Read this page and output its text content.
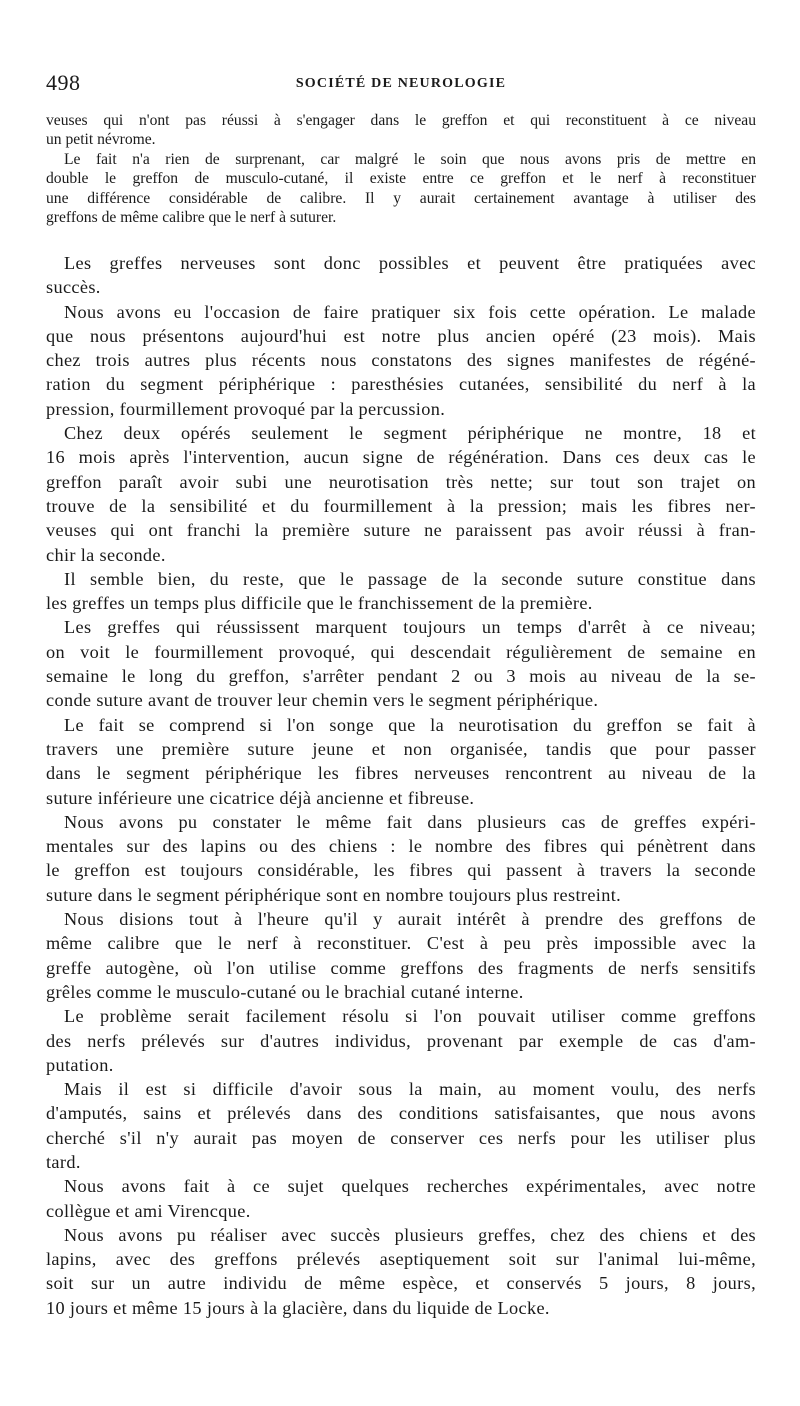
498	SOCIÉTÉ DE NEUROLOGIE
veuses qui n'ont pas réussi à s'engager dans le greffon et qui reconstituent à ce niveau
un petit névrome.
Le fait n'a rien de surprenant, car malgré le soin que nous avons pris de mettre en
double le greffon de musculo-cutané, il existe entre ce greffon et le nerf à reconstituer
une différence considérable de calibre. Il y aurait certainement avantage à utiliser des
greffons de même calibre que le nerf à suturer.
Les greffes nerveuses sont donc possibles et peuvent être pratiquées avec
succès.
Nous avons eu l'occasion de faire pratiquer six fois cette opération. Le malade
que nous présentons aujourd'hui est notre plus ancien opéré (23 mois). Mais
chez trois autres plus récents nous constatons des signes manifestes de régéné-
ration du segment périphérique : paresthésies cutanées, sensibilité du nerf à la
pression, fourmillement provoqué par la percussion.
Chez deux opérés seulement le segment périphérique ne montre, 18 et
16 mois après l'intervention, aucun signe de régénération. Dans ces deux cas le
greffon paraît avoir subi une neurotisation très nette; sur tout son trajet on
trouve de la sensibilité et du fourmillement à la pression; mais les fibres ner-
veuses qui ont franchi la première suture ne paraissent pas avoir réussi à fran-
chir la seconde.
Il semble bien, du reste, que le passage de la seconde suture constitue dans
les greffes un temps plus difficile que le franchissement de la première.
Les greffes qui réussissent marquent toujours un temps d'arrêt à ce niveau;
on voit le fourmillement provoqué, qui descendait régulièrement de semaine en
semaine le long du greffon, s'arrêter pendant 2 ou 3 mois au niveau de la se-
conde suture avant de trouver leur chemin vers le segment périphérique.
Le fait se comprend si l'on songe que la neurotisation du greffon se fait à
travers une première suture jeune et non organisée, tandis que pour passer
dans le segment périphérique les fibres nerveuses rencontrent au niveau de la
suture inférieure une cicatrice déjà ancienne et fibreuse.
Nous avons pu constater le même fait dans plusieurs cas de greffes expéri-
mentales sur des lapins ou des chiens : le nombre des fibres qui pénètrent dans
le greffon est toujours considérable, les fibres qui passent à travers la seconde
suture dans le segment périphérique sont en nombre toujours plus restreint.
Nous disions tout à l'heure qu'il y aurait intérêt à prendre des greffons de
même calibre que le nerf à reconstituer. C'est à peu près impossible avec la
greffe autogène, où l'on utilise comme greffons des fragments de nerfs sensitifs
grêles comme le musculo-cutané ou le brachial cutané interne.
Le problème serait facilement résolu si l'on pouvait utiliser comme greffons
des nerfs prélevés sur d'autres individus, provenant par exemple de cas d'am-
putation.
Mais il est si difficile d'avoir sous la main, au moment voulu, des nerfs
d'amputés, sains et prélevés dans des conditions satisfaisantes, que nous avons
cherché s'il n'y aurait pas moyen de conserver ces nerfs pour les utiliser plus
tard.
Nous avons fait à ce sujet quelques recherches expérimentales, avec notre
collègue et ami Virencque.
Nous avons pu réaliser avec succès plusieurs greffes, chez des chiens et des
lapins, avec des greffons prélevés aseptiquement soit sur l'animal lui-même,
soit sur un autre individu de même espèce, et conservés 5 jours, 8 jours,
10 jours et même 15 jours à la glacière, dans du liquide de Locke.
